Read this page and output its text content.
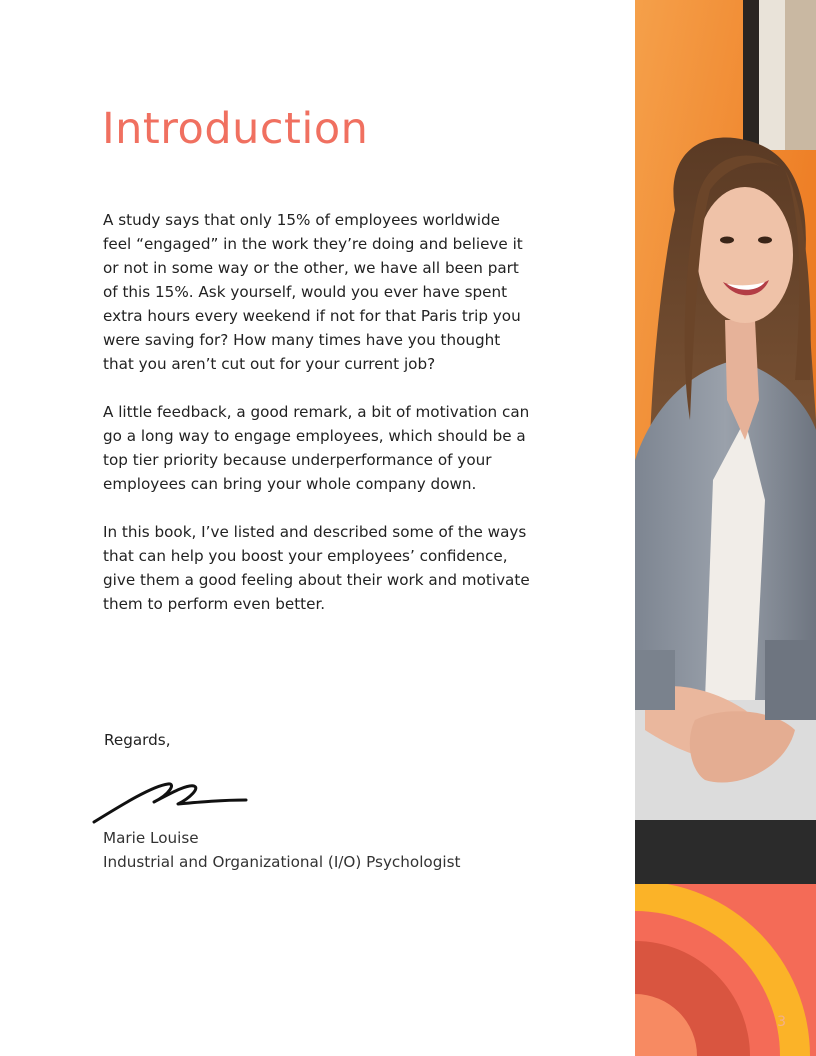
Introduction

A study says that only 15% of employees worldwide feel “engaged” in the work they’re doing and believe it or not in some way or the other, we have all been part of this 15%. Ask yourself, would you ever have spent extra hours every weekend if not for that Paris trip you were saving for? How many times have you thought that you aren’t cut out for your current job?

A little feedback, a good remark, a bit of motivation can go a long way to engage employees, which should be a top tier priority because underperformance of your employees can bring your whole company down.

In this book, I’ve listed and described some of the ways that can help you boost your employees’ confidence, give them a good feeling about their work and motivate them to perform even better.

Regards,
Marie Louise
Industrial and Organizational (I/O) Psychologist
3
